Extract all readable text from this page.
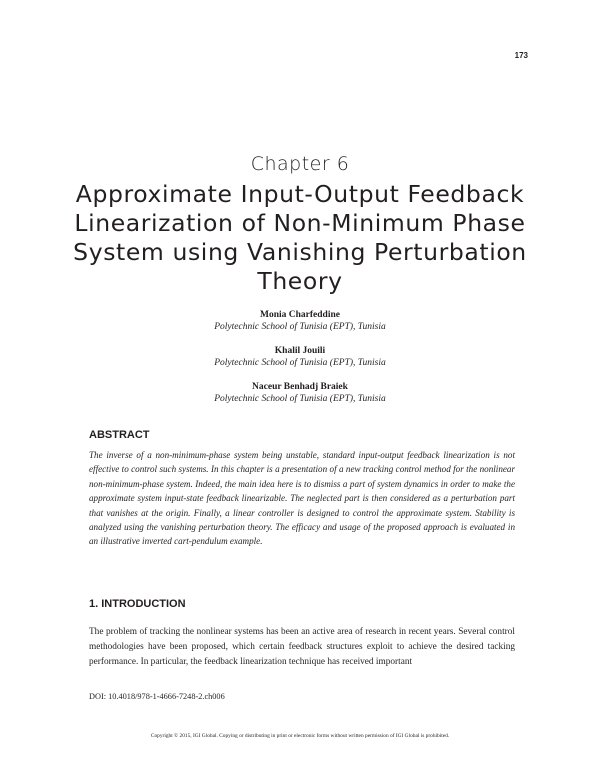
173
Chapter 6
Approximate Input-Output Feedback Linearization of Non-Minimum Phase System using Vanishing Perturbation Theory
Monia Charfeddine
Polytechnic School of Tunisia (EPT), Tunisia
Khalil Jouili
Polytechnic School of Tunisia (EPT), Tunisia
Naceur Benhadj Braiek
Polytechnic School of Tunisia (EPT), Tunisia
ABSTRACT
The inverse of a non-minimum-phase system being unstable, standard input-output feedback linearization is not effective to control such systems. In this chapter is a presentation of a new tracking control method for the nonlinear non-minimum-phase system. Indeed, the main idea here is to dismiss a part of system dynamics in order to make the approximate system input-state feedback linearizable. The neglected part is then considered as a perturbation part that vanishes at the origin. Finally, a linear controller is designed to control the approximate system. Stability is analyzed using the vanishing perturbation theory. The efficacy and usage of the proposed approach is evaluated in an illustrative inverted cart-pendulum example.
1. INTRODUCTION
The problem of tracking the nonlinear systems has been an active area of research in recent years. Several control methodologies have been proposed, which certain feedback structures exploit to achieve the desired tacking performance. In particular, the feedback linearization technique has received important
DOI: 10.4018/978-1-4666-7248-2.ch006
Copyright © 2015, IGI Global. Copying or distributing in print or electronic forms without written permission of IGI Global is prohibited.
